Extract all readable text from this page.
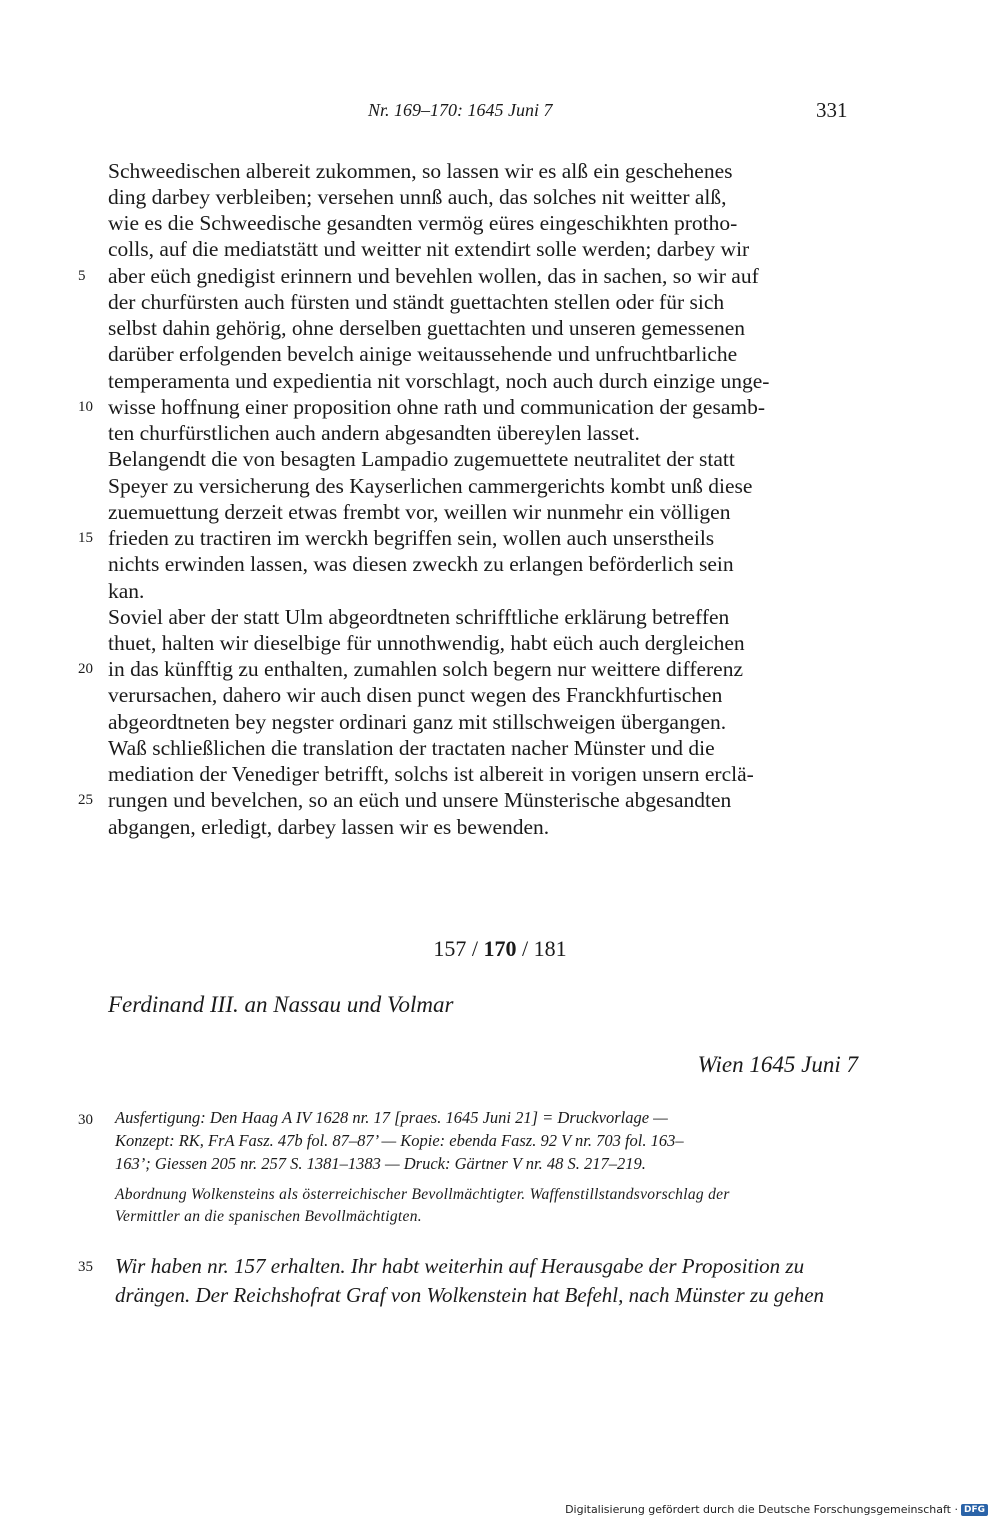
Nr. 169–170: 1645 Juni 7	331
Schweedischen albereit zukommen, so lassen wir es alß ein geschehenes
ding darbey verbleiben; versehen unnß auch, das solches nit weitter alß,
wie es die Schweedische gesandten vermög eüres eingeschikhten protho-
colls, auf die mediatstätt und weitter nit extendirt solle werden; darbey wir
aber eüch gnedigist erinnern und bevehlen wollen, das in sachen, so wir auf
der churfürsten auch fürsten und ständt guettachten stellen oder für sich
selbst dahin gehörig, ohne derselben guettachten und unseren gemessenen
darüber erfolgenden bevelch ainige weitaussehende und unfruchtbarliche
temperamenta und expedientia nit vorschlagt, noch auch durch einzige unge-
wisse hoffnung einer proposition ohne rath und communication der gesamb-
ten churfürstlichen auch andern abgesandten übereylen lasset.
Belangendt die von besagten Lampadio zugemuettete neutralitet der statt
Speyer zu versicherung des Kayserlichen cammergerichts kombt unß diese
zuemuettung derzeit etwas frembt vor, weillen wir nunmehr ein völligen
frieden zu tractiren im werckh begriffen sein, wollen auch unserstheils
nichts erwinden lassen, was diesen zweckh zu erlangen beförderlich sein
kan.
Soviel aber der statt Ulm abgeordtneten schrifftliche erklärung betreffen
thuet, halten wir dieselbige für unnothwendig, habt eüch auch dergleichen
in das künfftig zu enthalten, zumahlen solch begern nur weittere differenz
verursachen, dahero wir auch disen punct wegen des Franckhfurtischen
abgeordtneten bey negster ordinari ganz mit stillschweigen übergangen.
Waß schließlichen die translation der tractaten nacher Münster und die
mediation der Venediger betrifft, solchs ist albereit in vorigen unsern erclä-
rungen und bevelchen, so an eüch und unsere Münsterische abgesandten
abgangen, erledigt, darbey lassen wir es bewenden.
5
10
15
20
25
30
35
157 / 170 / 181
Ferdinand III. an Nassau und Volmar
Wien 1645 Juni 7
Ausfertigung: Den Haag A IV 1628 nr. 17 [praes. 1645 Juni 21] = Druckvorlage —
Konzept: RK, FrA Fasz. 47b fol. 87–87’ — Kopie: ebenda Fasz. 92 V nr. 703 fol. 163–
163’; Giessen 205 nr. 257 S. 1381–1383 — Druck: Gärtner V nr. 48 S. 217–219.
Abordnung Wolkensteins als österreichischer Bevollmächtigter. Waffenstillstandsvorschlag der
Vermittler an die spanischen Bevollmächtigten.
Wir haben nr. 157 erhalten. Ihr habt weiterhin auf Herausgabe der Proposition zu
drängen. Der Reichshofrat Graf von Wolkenstein hat Befehl, nach Münster zu gehen
Digitalisierung gefördert durch die Deutsche Forschungsgemeinschaft · DFG
